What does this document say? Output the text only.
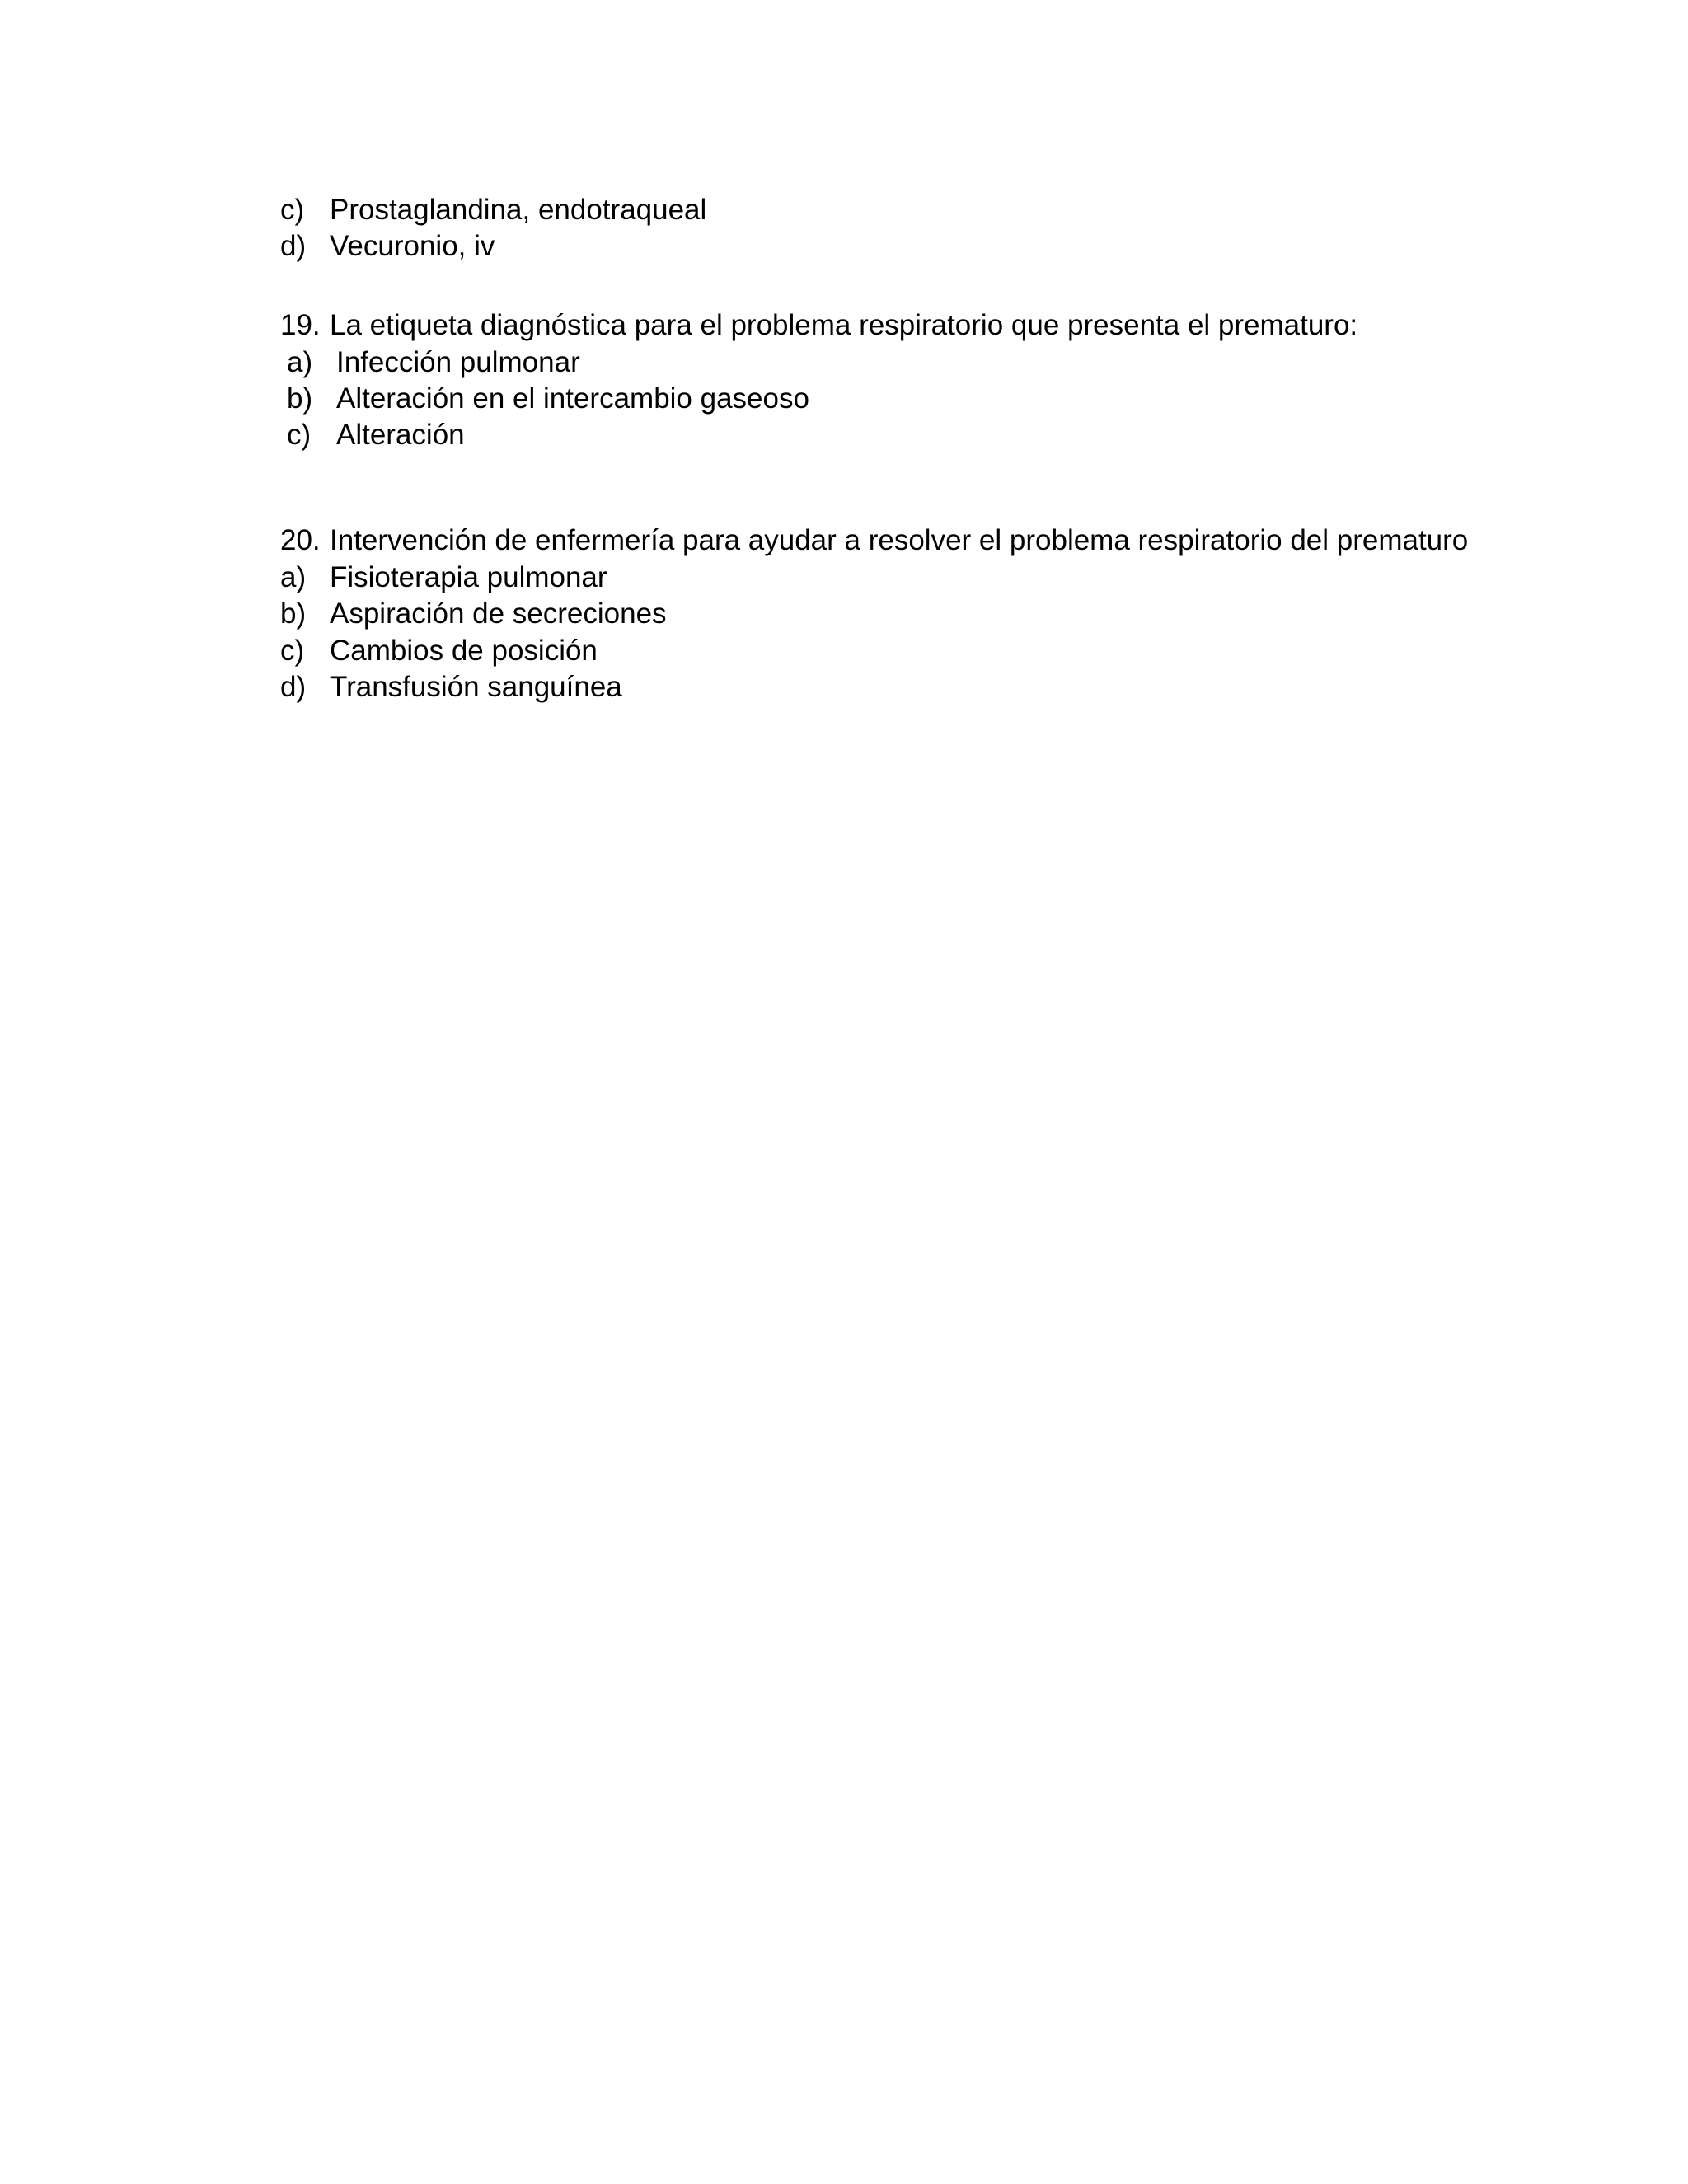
c) Prostaglandina, endotraqueal
d) Vecuronio, iv
19. La etiqueta diagnóstica para el problema respiratorio que presenta el prematuro:
a) Infección pulmonar
b) Alteración en el intercambio gaseoso
c) Alteración
20. Intervención de enfermería para ayudar a resolver el problema respiratorio del prematuro
a) Fisioterapia pulmonar
b) Aspiración de secreciones
c) Cambios de posición
d) Transfusión sanguínea
